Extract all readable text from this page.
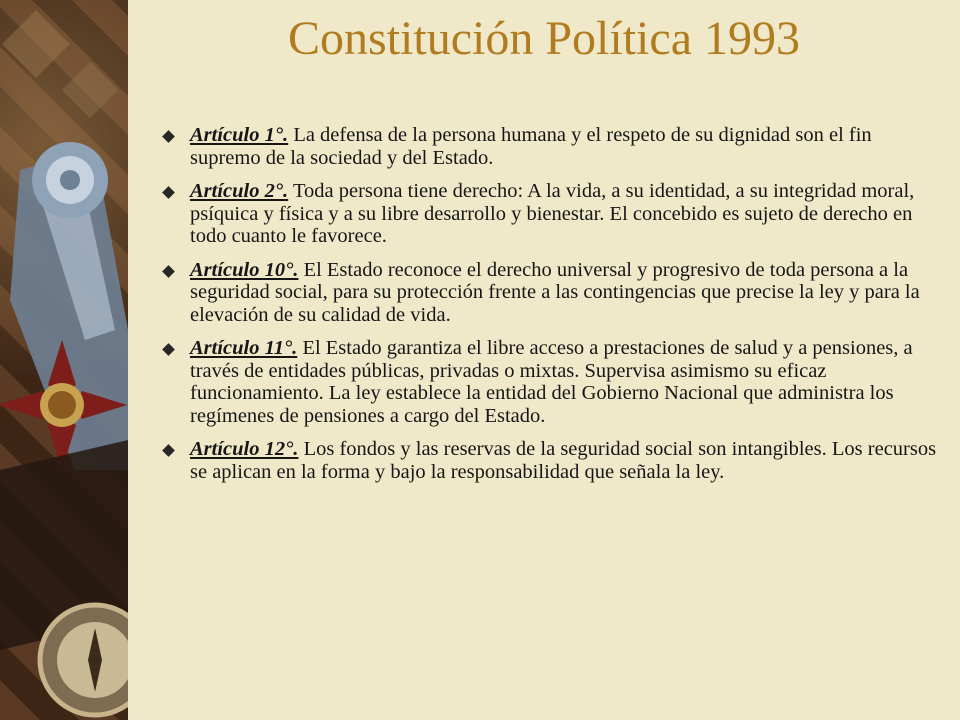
Constitución Política 1993
Artículo 1°. La defensa de la persona humana y el respeto de su dignidad son el fin supremo de la sociedad y del Estado.
Artículo 2°. Toda persona tiene derecho: A la vida, a su identidad, a su integridad moral, psíquica y física y a su libre desarrollo y bienestar. El concebido es sujeto de derecho en todo cuanto le favorece.
Artículo 10°. El Estado reconoce el derecho universal y progresivo de toda persona a la seguridad social, para su protección frente a las contingencias que precise la ley y para la elevación de su calidad de vida.
Artículo 11°. El Estado garantiza el libre acceso a prestaciones de salud y a pensiones, a través de entidades públicas, privadas o mixtas. Supervisa asimismo su eficaz funcionamiento. La ley establece la entidad del Gobierno Nacional que administra los regímenes de pensiones a cargo del Estado.
Artículo 12°. Los fondos y las reservas de la seguridad social son intangibles. Los recursos se aplican en la forma y bajo la responsabilidad que señala la ley.
